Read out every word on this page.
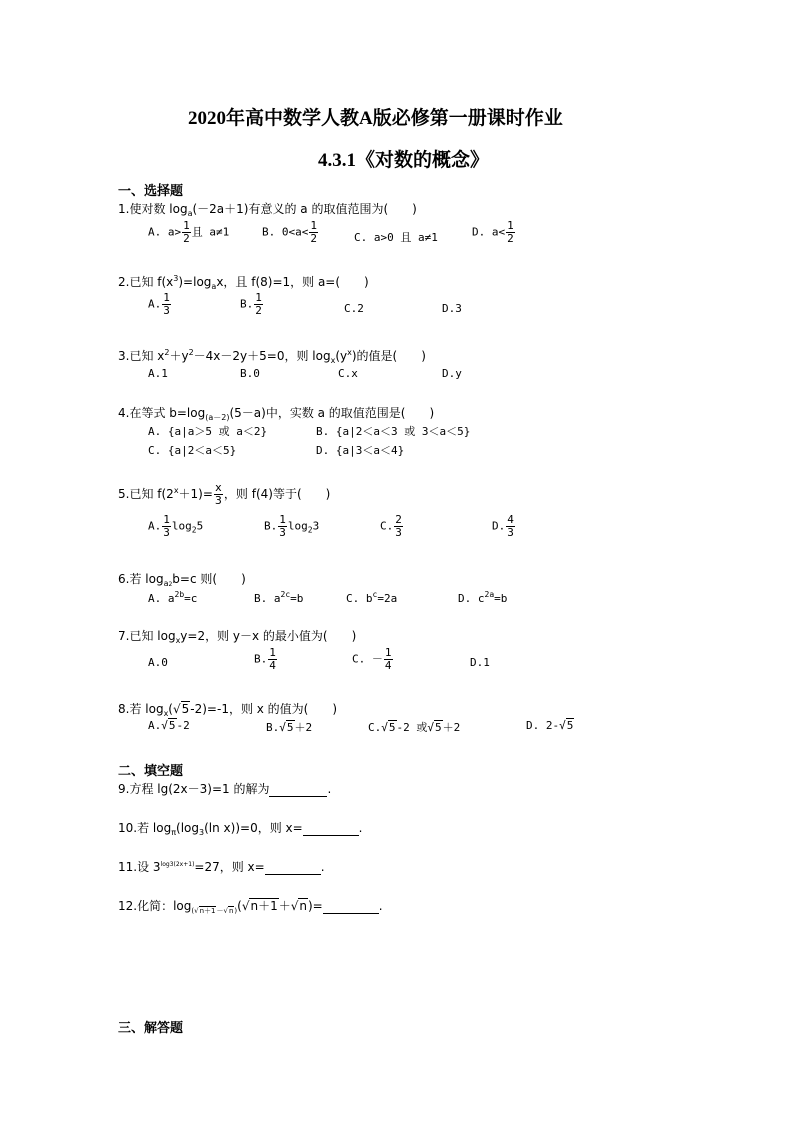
2020年高中数学人教A版必修第一册课时作业
4.3.1《对数的概念》
一、选择题
1.使对数 $\log_a(-2a+1)$有意义的 a 的取值范围为(　　)
A. $a> \frac{1}{2}$ 且 a≠1	B. $0<a< \frac{1}{2}$	C. a>0 且 a≠1	D. $a< \frac{1}{2}$
2.已知 $f(x^3)=\log_ax$，且 f(8)=1，则 a=(　　)
A. $\frac{1}{3}$	B. $\frac{1}{2}$	C.2	D.3
3.已知 $x^2+y^2-4x-2y+5=0$，则 $\log_x(y^x)$的值是(　　)
A.1	B.0	C.x	D.y
4.在等式 $b=\log_{(a-2)}(5-a)$中，实数 a 的取值范围是(　　)
A. {a|a＞5 或 a＜2}	B. {a|2＜a＜3 或 3＜a＜5}
C. {a|2＜a＜5}	D. {a|3＜a＜4}
5.已知 $f(2^x+1)= \frac{x}{3}$ ，则 f(4)等于(　　)
A. $\frac{1}{3} \log_25$	B. $\frac{1}{3} \log_23$	C. $\frac{2}{3}$	D. $\frac{4}{3}$
6.若 $\log_{a2}b=c$ 则(　　)
A. $a^{2b}=c$	B. $a^{2c}=b$	C. $b^c=2a$	D. $c^{2a}=b$
7.已知 $\log_xy=2$，则 y－x 的最小值为(　　)
A.0	B. $\frac{1}{4}$	C. － $\frac{1}{4}$	D.1
8.若 $\log_x(√5-2)=-1$，则 x 的值为(　　)
A.√5-2	B.√5＋2	C.√5-2 或√5＋2	D. 2-√5
二、填空题
9.方程 lg(2x－3)=1 的解为	.
10.若 $\log_\pi(\log_3(\ln$ x))=0，则 x=	.
11.设 $3^{log3(2x+1)}=27$，则 x=	.
12.化简：$\log_{(√n+1-√n)}(√n+1+√n)=$	.
三、解答题
